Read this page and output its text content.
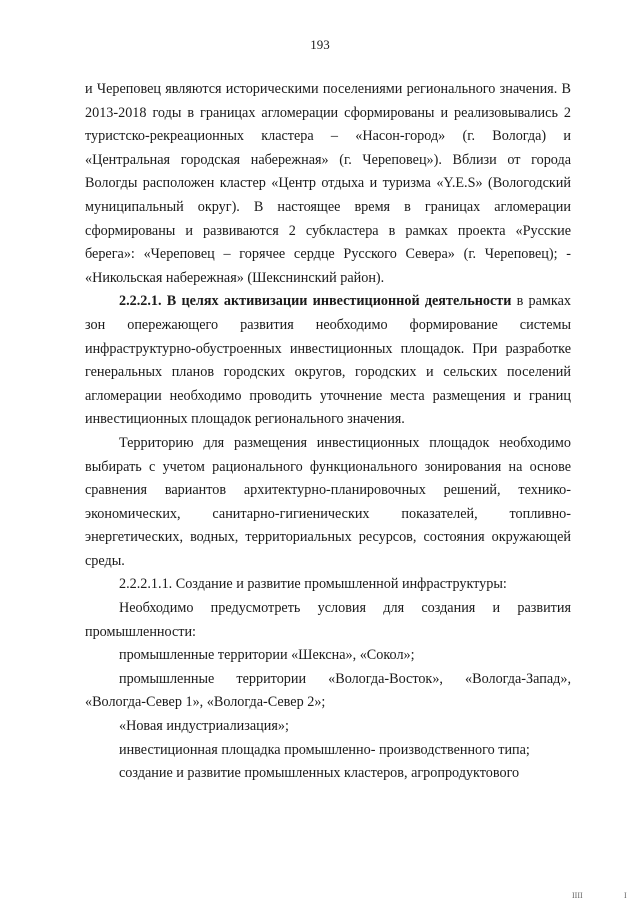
193

и Череповец являются историческими поселениями регионального значения. В 2013-2018 годы в границах агломерации сформированы и реализовывались 2 туристско-рекреационных кластера – «Насон-город» (г. Вологда) и «Центральная городская набережная» (г. Череповец»). Вблизи от города Вологды расположен кластер «Центр отдыха и туризма «Y.E.S» (Вологодский муниципальный округ). В настоящее время в границах агломерации сформированы и развиваются 2 субкластера в рамках проекта «Русские берега»: «Череповец – горячее сердце Русского Севера» (г. Череповец); - «Никольская набережная» (Шекснинский район).

2.2.2.1. В целях активизации инвестиционной деятельности в рамках зон опережающего развития необходимо формирование системы инфраструктурно-обустроенных инвестиционных площадок. При разработке генеральных планов городских округов, городских и сельских поселений агломерации необходимо проводить уточнение места размещения и границ инвестиционных площадок регионального значения.

Территорию для размещения инвестиционных площадок необходимо выбирать с учетом рационального функционального зонирования на основе сравнения вариантов архитектурно-планировочных решений, технико-экономических, санитарно-гигиенических показателей, топливно-энергетических, водных, территориальных ресурсов, состояния окружающей среды.

2.2.2.1.1. Создание и развитие промышленной инфраструктуры:

Необходимо предусмотреть условия для создания и развития промышленности:

промышленные территории «Шексна», «Сокол»;

промышленные территории «Вологда-Восток», «Вологда-Запад», «Вологда-Север 1», «Вологда-Север 2»;

«Новая индустриализация»;

инвестиционная площадка промышленно- производственного типа;

создание и развитие промышленных кластеров, агропродуктового

IIII	I
